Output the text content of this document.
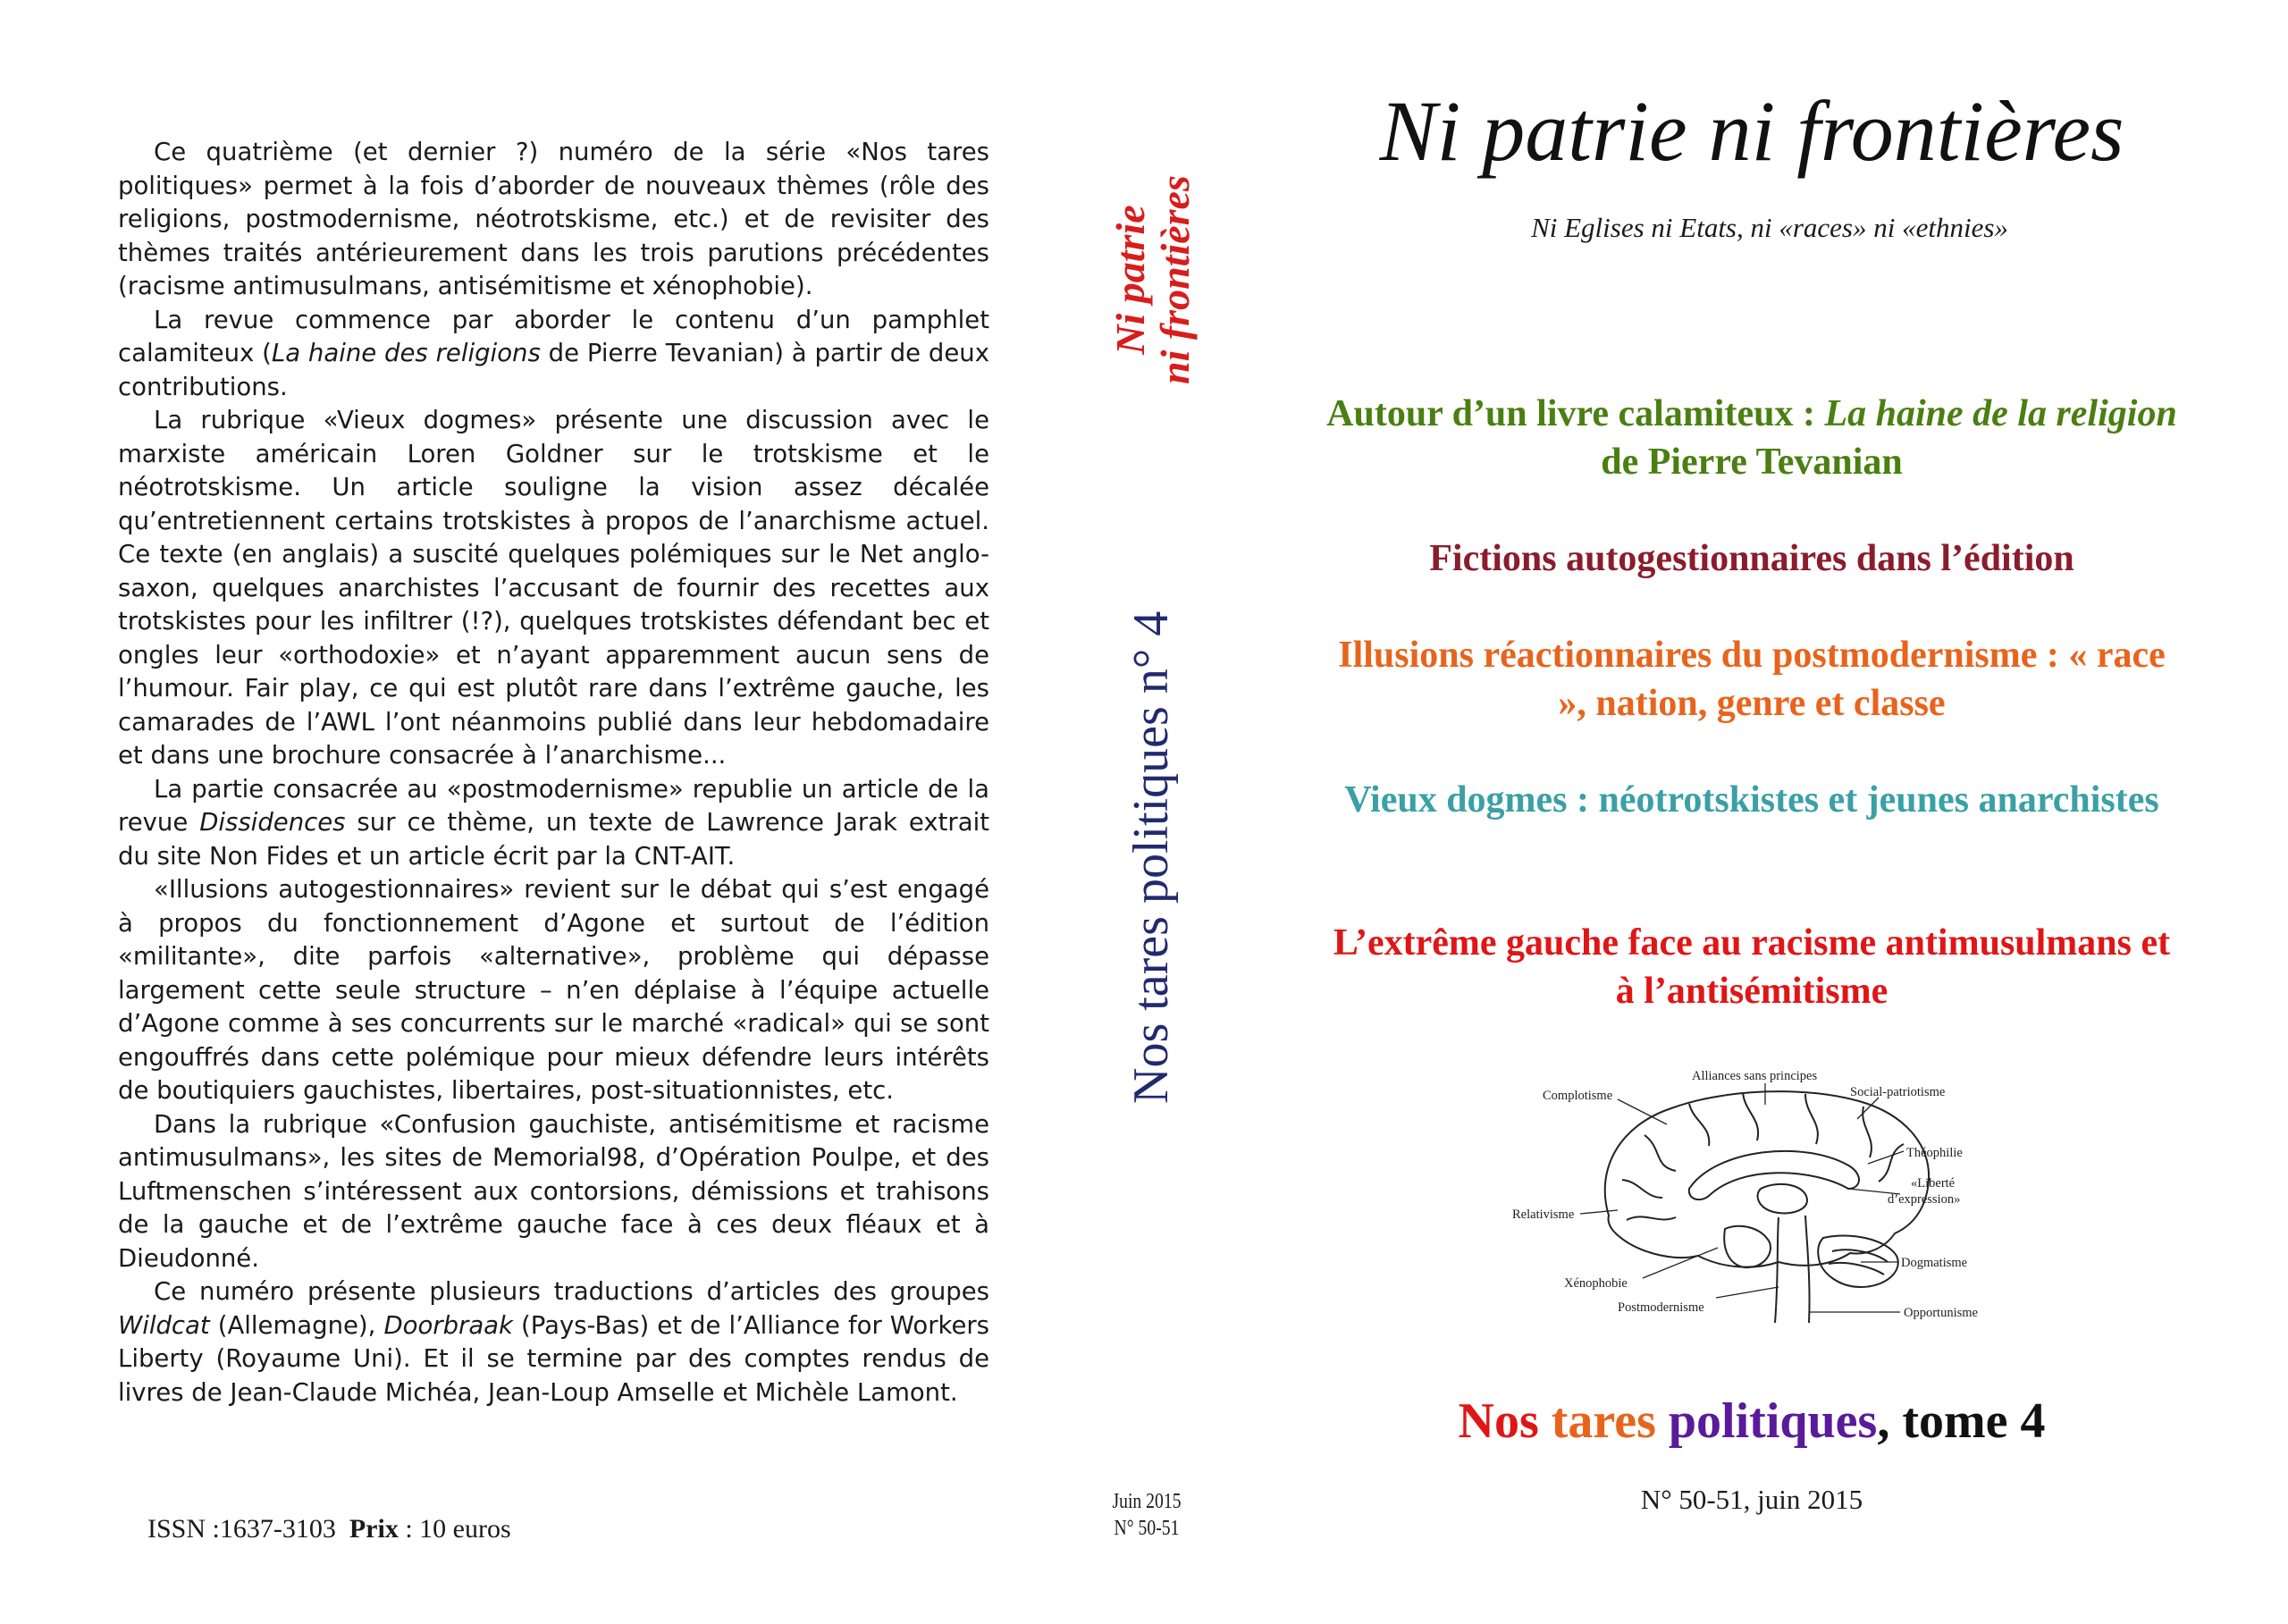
Ce quatrième (et dernier ?) numéro de la série «Nos tares politiques» permet à la fois d’aborder de nouveaux thèmes (rôle des religions, postmodernisme, néotrotskisme, etc.) et de revisiter des thèmes traités antérieurement dans les trois parutions précédentes (racisme antimusulmans, antisémitisme et xénophobie).

La revue commence par aborder le contenu d’un pamphlet calamiteux (La haine des religions de Pierre Tevanian) à partir de deux contributions.

La rubrique «Vieux dogmes» présente une discussion avec le marxiste américain Loren Goldner sur le trotskisme et le néotrotskisme. Un article souligne la vision assez décalée qu’entretiennent certains trotskistes à propos de l’anarchisme actuel. Ce texte (en anglais) a suscité quelques polémiques sur le Net anglo-saxon, quelques anarchistes l’accusant de fournir des recettes aux trotskistes pour les infiltrer (!?), quelques trotskistes défendant bec et ongles leur «orthodoxie» et n’ayant apparemment aucun sens de l’humour. Fair play, ce qui est plutôt rare dans l’extrême gauche, les camarades de l’AWL l’ont néanmoins publié dans leur hebdomadaire et dans une brochure consacrée à l’anarchisme...

La partie consacrée au «postmodernisme» republie un article de la revue Dissidences sur ce thème, un texte de Lawrence Jarak extrait du site Non Fides et un article écrit par la CNT-AIT.

«Illusions autogestionnaires» revient sur le débat qui s’est engagé à propos du fonctionnement d’Agone et surtout de l’édition «militante», dite parfois «alternative», problème qui dépasse largement cette seule structure – n’en déplaise à l’équipe actuelle d’Agone comme à ses concurrents sur le marché «radical» qui se sont engouffrés dans cette polémique pour mieux défendre leurs intérêts de boutiquiers gauchistes, libertaires, post-situationnistes, etc.

Dans la rubrique «Confusion gauchiste, antisémitisme et racisme antimusulmans», les sites de Memorial98, d’Opération Poulpe, et des Luftmenschen s’intéressent aux contorsions, démissions et trahisons de la gauche et de l’extrême gauche face à ces deux fléaux et à Dieudonné.

Ce numéro présente plusieurs traductions d’articles des groupes Wildcat (Allemagne), Doorbraak (Pays-Bas) et de l’Alliance for Workers Liberty (Royaume Uni). Et il se termine par des comptes rendus de livres de Jean-Claude Michéa, Jean-Loup Amselle et Michèle Lamont.

ISSN :1637-3103 Prix : 10 euros
Ni patrie ni frontières
Nos tares politiques n° 4
Juin 2015
N° 50-51
Ni patrie ni frontières
Ni Eglises ni Etats, ni «races» ni «ethnies»
Autour d’un livre calamiteux : La haine de la religion de Pierre Tevanian
Fictions autogestionnaires dans l’édition
Illusions réactionnaires du postmodernisme : « race », nation, genre et classe
Vieux dogmes : néotrotskistes et jeunes anarchistes
L’extrême gauche face au racisme antimusulmans et à l’antisémitisme
Complotisme
Alliances sans principes
Social-patriotisme
Théophilie
«Liberté
d’expression»
Relativisme
Dogmatisme
Xénophobie
Postmodernisme	Opportunisme
Nos tares politiques, tome 4
N° 50-51, juin 2015
